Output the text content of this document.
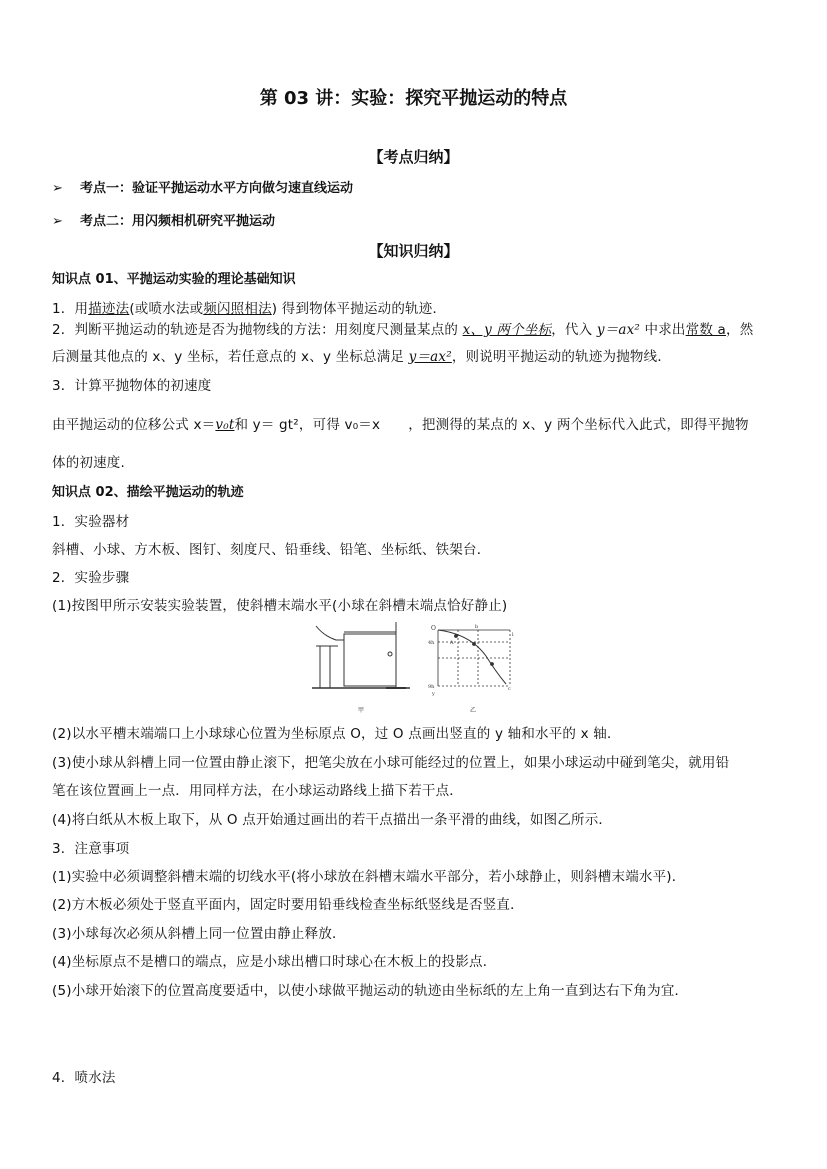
第 03 讲：实验：探究平抛运动的特点
【考点归纳】
➢ 考点一：验证平抛运动水平方向做匀速直线运动
➢ 考点二：用闪频相机研究平抛运动
【知识归纳】
知识点 01、平抛运动实验的理论基础知识
1．用描迹法(或喷水法或频闪照相法) 得到物体平抛运动的轨迹．
2．判断平抛运动的轨迹是否为抛物线的方法：用刻度尺测量某点的 x、y 两个坐标，代入 y＝ax² 中求出常数 a，然
后测量其他点的 x、y 坐标，若任意点的 x、y 坐标总满足 y＝ax²，则说明平抛运动的轨迹为抛物线．
3．计算平抛物体的初速度
由平抛运动的位移公式 x＝v₀t和 y＝ gt²，可得 v₀＝x ，把测得的某点的 x、y 两个坐标代入此式，即得平抛物
体的初速度.
知识点 02、描绘平抛运动的轨迹
1．实验器材
斜槽、小球、方木板、图钉、刻度尺、铅垂线、铅笔、坐标纸、铁架台．
2．实验步骤
(1)按图甲所示安装实验装置，使斜槽末端水平(小球在斜槽末端点恰好静止)
O
4h
9h
y
A
b
c
l
甲	乙
(2)以水平槽末端端口上小球球心位置为坐标原点 O，过 O 点画出竖直的 y 轴和水平的 x 轴．
(3)使小球从斜槽上同一位置由静止滚下，把笔尖放在小球可能经过的位置上，如果小球运动中碰到笔尖，就用铅
笔在该位置画上一点．用同样方法，在小球运动路线上描下若干点．
(4)将白纸从木板上取下，从 O 点开始通过画出的若干点描出一条平滑的曲线，如图乙所示．
3．注意事项
(1)实验中必须调整斜槽末端的切线水平(将小球放在斜槽末端水平部分，若小球静止，则斜槽末端水平)．
(2)方木板必须处于竖直平面内，固定时要用铅垂线检查坐标纸竖线是否竖直．
(3)小球每次必须从斜槽上同一位置由静止释放．
(4)坐标原点不是槽口的端点，应是小球出槽口时球心在木板上的投影点．
(5)小球开始滚下的位置高度要适中，以使小球做平抛运动的轨迹由坐标纸的左上角一直到达右下角为宜．
4．喷水法
